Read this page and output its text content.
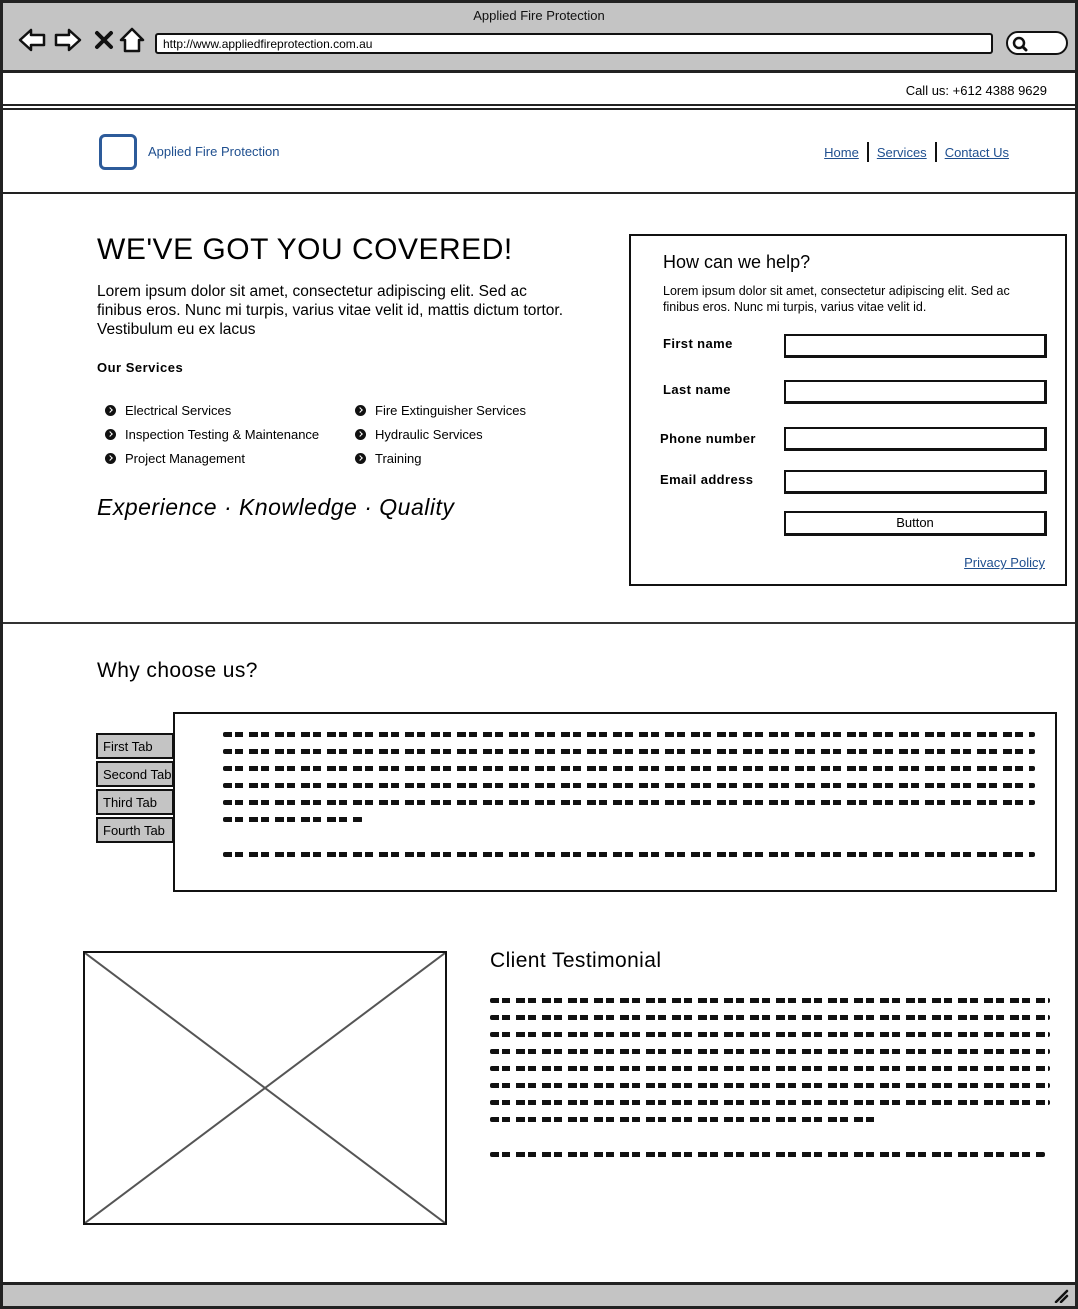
Applied Fire Protection
http://www.appliedfireprotection.com.au
Call us: +612 4388 9629
Applied Fire Protection	Home	Services	Contact Us
WE'VE GOT YOU COVERED!
Lorem ipsum dolor sit amet, consectetur adipiscing elit. Sed ac finibus eros. Nunc mi turpis, varius vitae velit id, mattis dictum tortor. Vestibulum eu ex lacus
Our Services
Electrical Services
Inspection Testing & Maintenance
Project Management
Fire Extinguisher Services
Hydraulic Services
Training
Experience · Knowledge · Quality
How can we help?
Lorem ipsum dolor sit amet, consectetur adipiscing elit. Sed ac finibus eros. Nunc mi turpis, varius vitae velit id.
First name
Last name
Phone number
Email address
Button
Privacy Policy
Why choose us?
First Tab
Second Tab
Third Tab
Fourth Tab
Client Testimonial
